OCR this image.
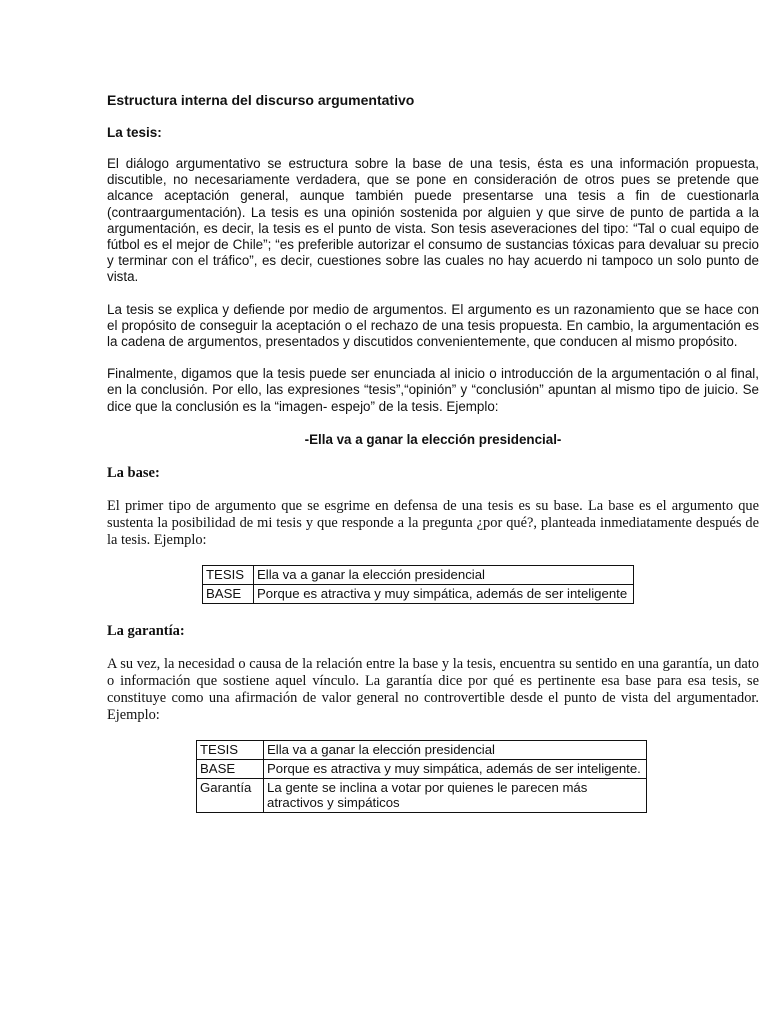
Estructura interna del discurso argumentativo
La tesis:

El diálogo argumentativo se estructura sobre la base de una tesis, ésta es una información propuesta, discutible, no necesariamente verdadera, que se pone en consideración de otros pues se pretende que alcance aceptación general, aunque también puede presentarse una tesis a fin de cuestionarla (contraargumentación). La tesis es una opinión sostenida por alguien y que sirve de punto de partida a la argumentación, es decir, la tesis es el punto de vista. Son tesis aseveraciones del tipo: “Tal o cual equipo de fútbol es el mejor de Chile”; “es preferible autorizar el consumo de sustancias tóxicas para devaluar su precio y terminar con el tráfico”, es decir, cuestiones sobre las cuales no hay acuerdo ni tampoco un solo punto de vista.

La tesis se explica y defiende por medio de argumentos. El argumento es un razonamiento que se hace con el propósito de conseguir la aceptación o el rechazo de una tesis propuesta. En cambio, la argumentación es la cadena de argumentos, presentados y discutidos convenientemente, que conducen al mismo propósito.

Finalmente, digamos que la tesis puede ser enunciada al inicio o introducción de la argumentación o al final, en la conclusión. Por ello, las expresiones “tesis”,“opinión” y “conclusión” apuntan al mismo tipo de juicio. Se dice que la conclusión es la “imagen- espejo” de la tesis. Ejemplo:

-Ella va a ganar la elección presidencial-
La base:

El primer tipo de argumento que se esgrime en defensa de una tesis es su base. La base es el argumento que sustenta la posibilidad de mi tesis y que responde a la pregunta ¿por qué?, planteada inmediatamente después de la tesis. Ejemplo:

TESIS	Ella va a ganar la elección presidencial
BASE	Porque es atractiva y muy simpática, además de ser inteligente
La garantía:

A su vez, la necesidad o causa de la relación entre la base y la tesis, encuentra su sentido en una garantía, un dato o información que sostiene aquel vínculo. La garantía dice por qué es pertinente esa base para esa tesis, se constituye como una afirmación de valor general no controvertible desde el punto de vista del argumentador. Ejemplo:

TESIS	Ella va a ganar la elección presidencial
BASE	Porque es atractiva y muy simpática, además de ser inteligente.
Garantía	La gente se inclina a votar por quienes le parecen más atractivos y simpáticos
